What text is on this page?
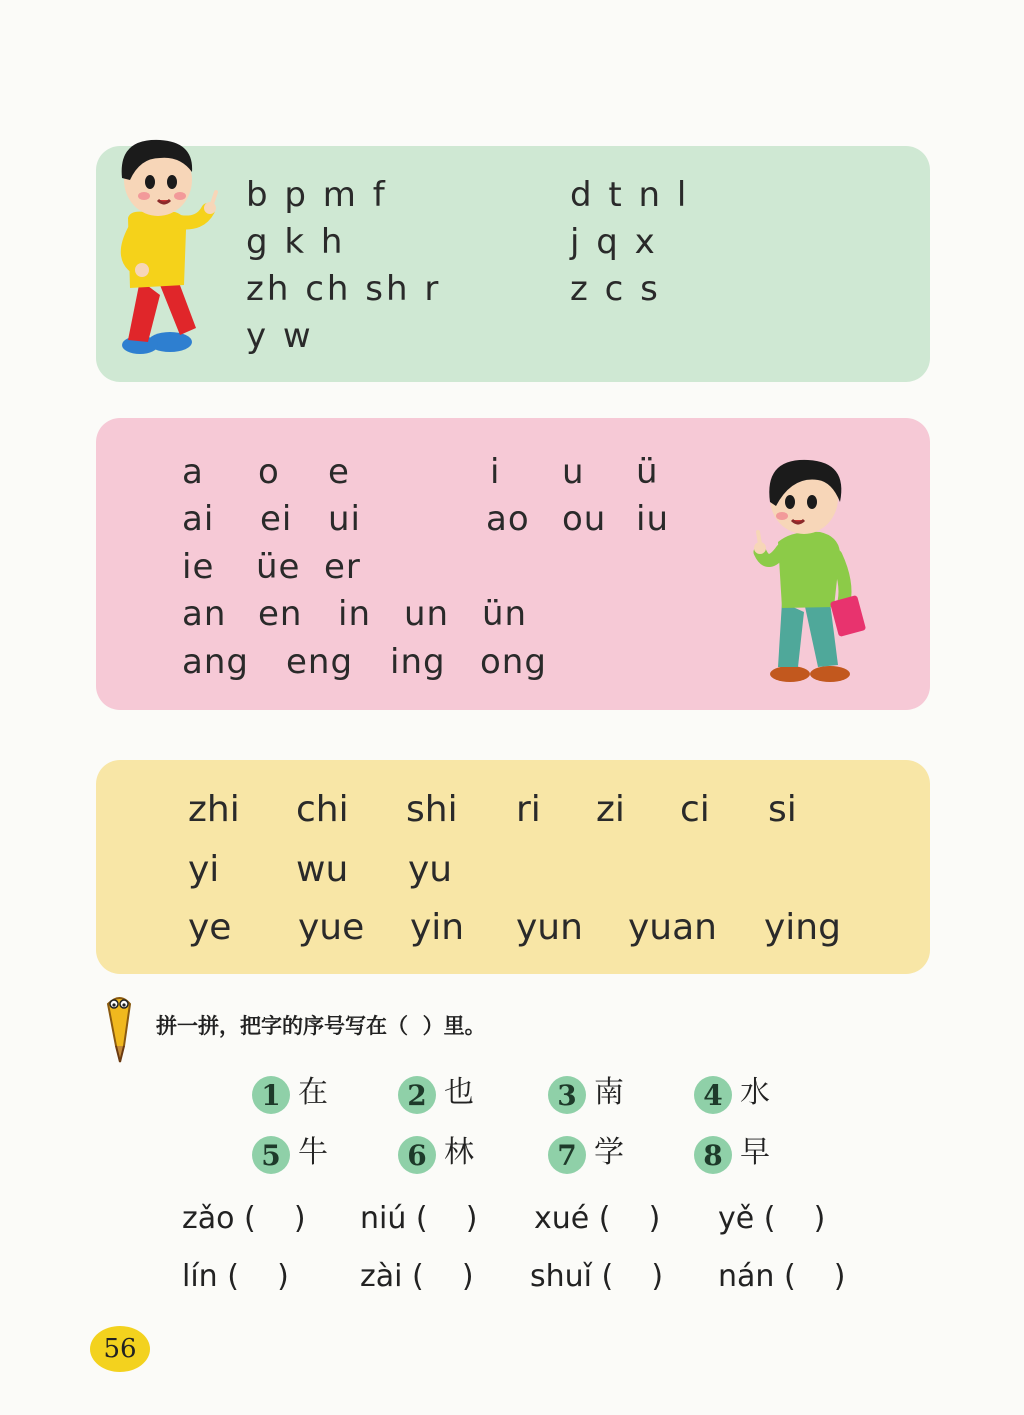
b p m f	d t n l
g k h	j q x
zh ch sh r	z c s
y w
a o e	i u ü
ai ei ui	ao ou iu
ie üe er
an en in un ün
ang eng ing ong
zhi chi shi ri zi ci si
yi wu yu
ye yue yin yun yuan ying
拼一拼，把字的序号写在（  ）里。
1 在	2 也	3 南	4 水
5 牛	6 林	7 学	8 早
zǎo (    ) niú (    ) xué (    ) yě (    )
lín (    ) zài (    ) shuǐ (    ) nán (    )
56
